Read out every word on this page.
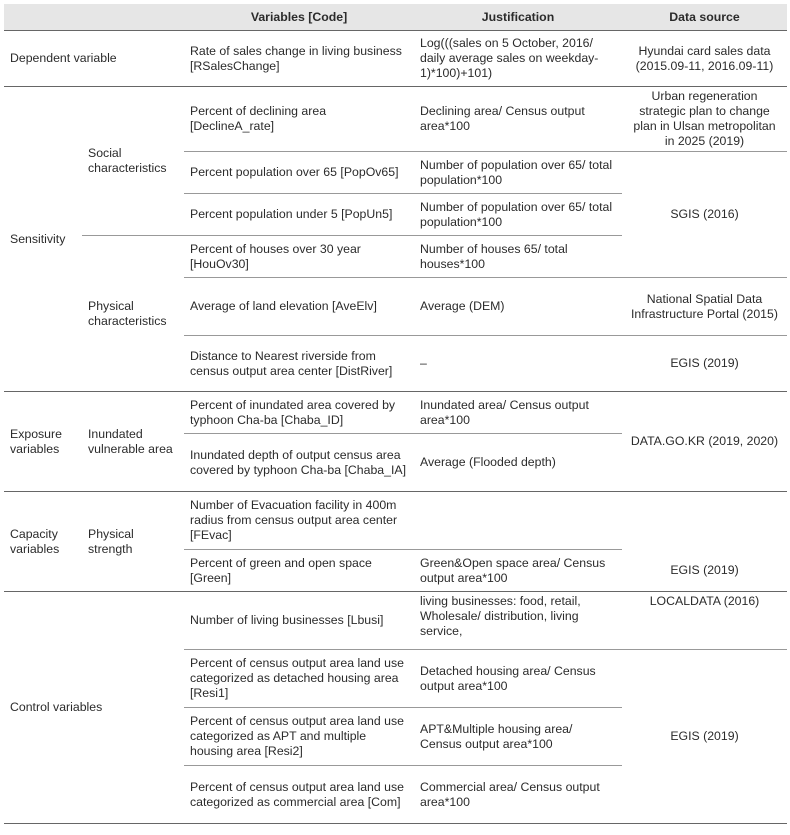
		Variables [Code]	Justification	Data source
Dependent variable		Rate of sales change in living business [RSalesChange]	Log(((sales on 5 October, 2016/ daily average sales on weekday-1)*100)+101)	Hyundai card sales data (2015.09-11, 2016.09-11)
Sensitivity	Social characteristics	Percent of declining area [DeclineA_rate]	Declining area/ Census output area*100	Urban regeneration strategic plan to change plan in Ulsan metropolitan in 2025 (2019)
		Percent population over 65 [PopOv65]	Number of population over 65/ total population*100	SGIS (2016)
		Percent population under 5 [PopUn5]	Number of population over 65/ total population*100	
	Physical characteristics	Percent of houses over 30 year [HouOv30]	Number of houses 65/ total houses*100	
		Average of land elevation [AveElv]	Average (DEM)	National Spatial Data Infrastructure Portal (2015)
		Distance to Nearest riverside from census output area center [DistRiver]	–	EGIS (2019)
Exposure variables	Inundated vulnerable area	Percent of inundated area covered by typhoon Cha-ba [Chaba_ID]	Inundated area/ Census output area*100	DATA.GO.KR (2019, 2020)
		Inundated depth of output census area covered by typhoon Cha-ba [Chaba_IA]	Average (Flooded depth)	
Capacity variables	Physical strength	Number of Evacuation facility in 400m radius from census output area center [FEvac]		
		Percent of green and open space [Green]	Green&Open space area/ Census output area*100	EGIS (2019)
Control variables		Number of living businesses [Lbusi]	living businesses: food, retail, Wholesale/ distribution, living service,	LOCALDATA (2016)
		Percent of census output area land use categorized as detached housing area [Resi1]	Detached housing area/ Census output area*100	EGIS (2019)
		Percent of census output area land use categorized as APT and multiple housing area [Resi2]	APT&Multiple housing area/ Census output area*100	
		Percent of census output area land use categorized as commercial area [Com]	Commercial area/ Census output area*100	
